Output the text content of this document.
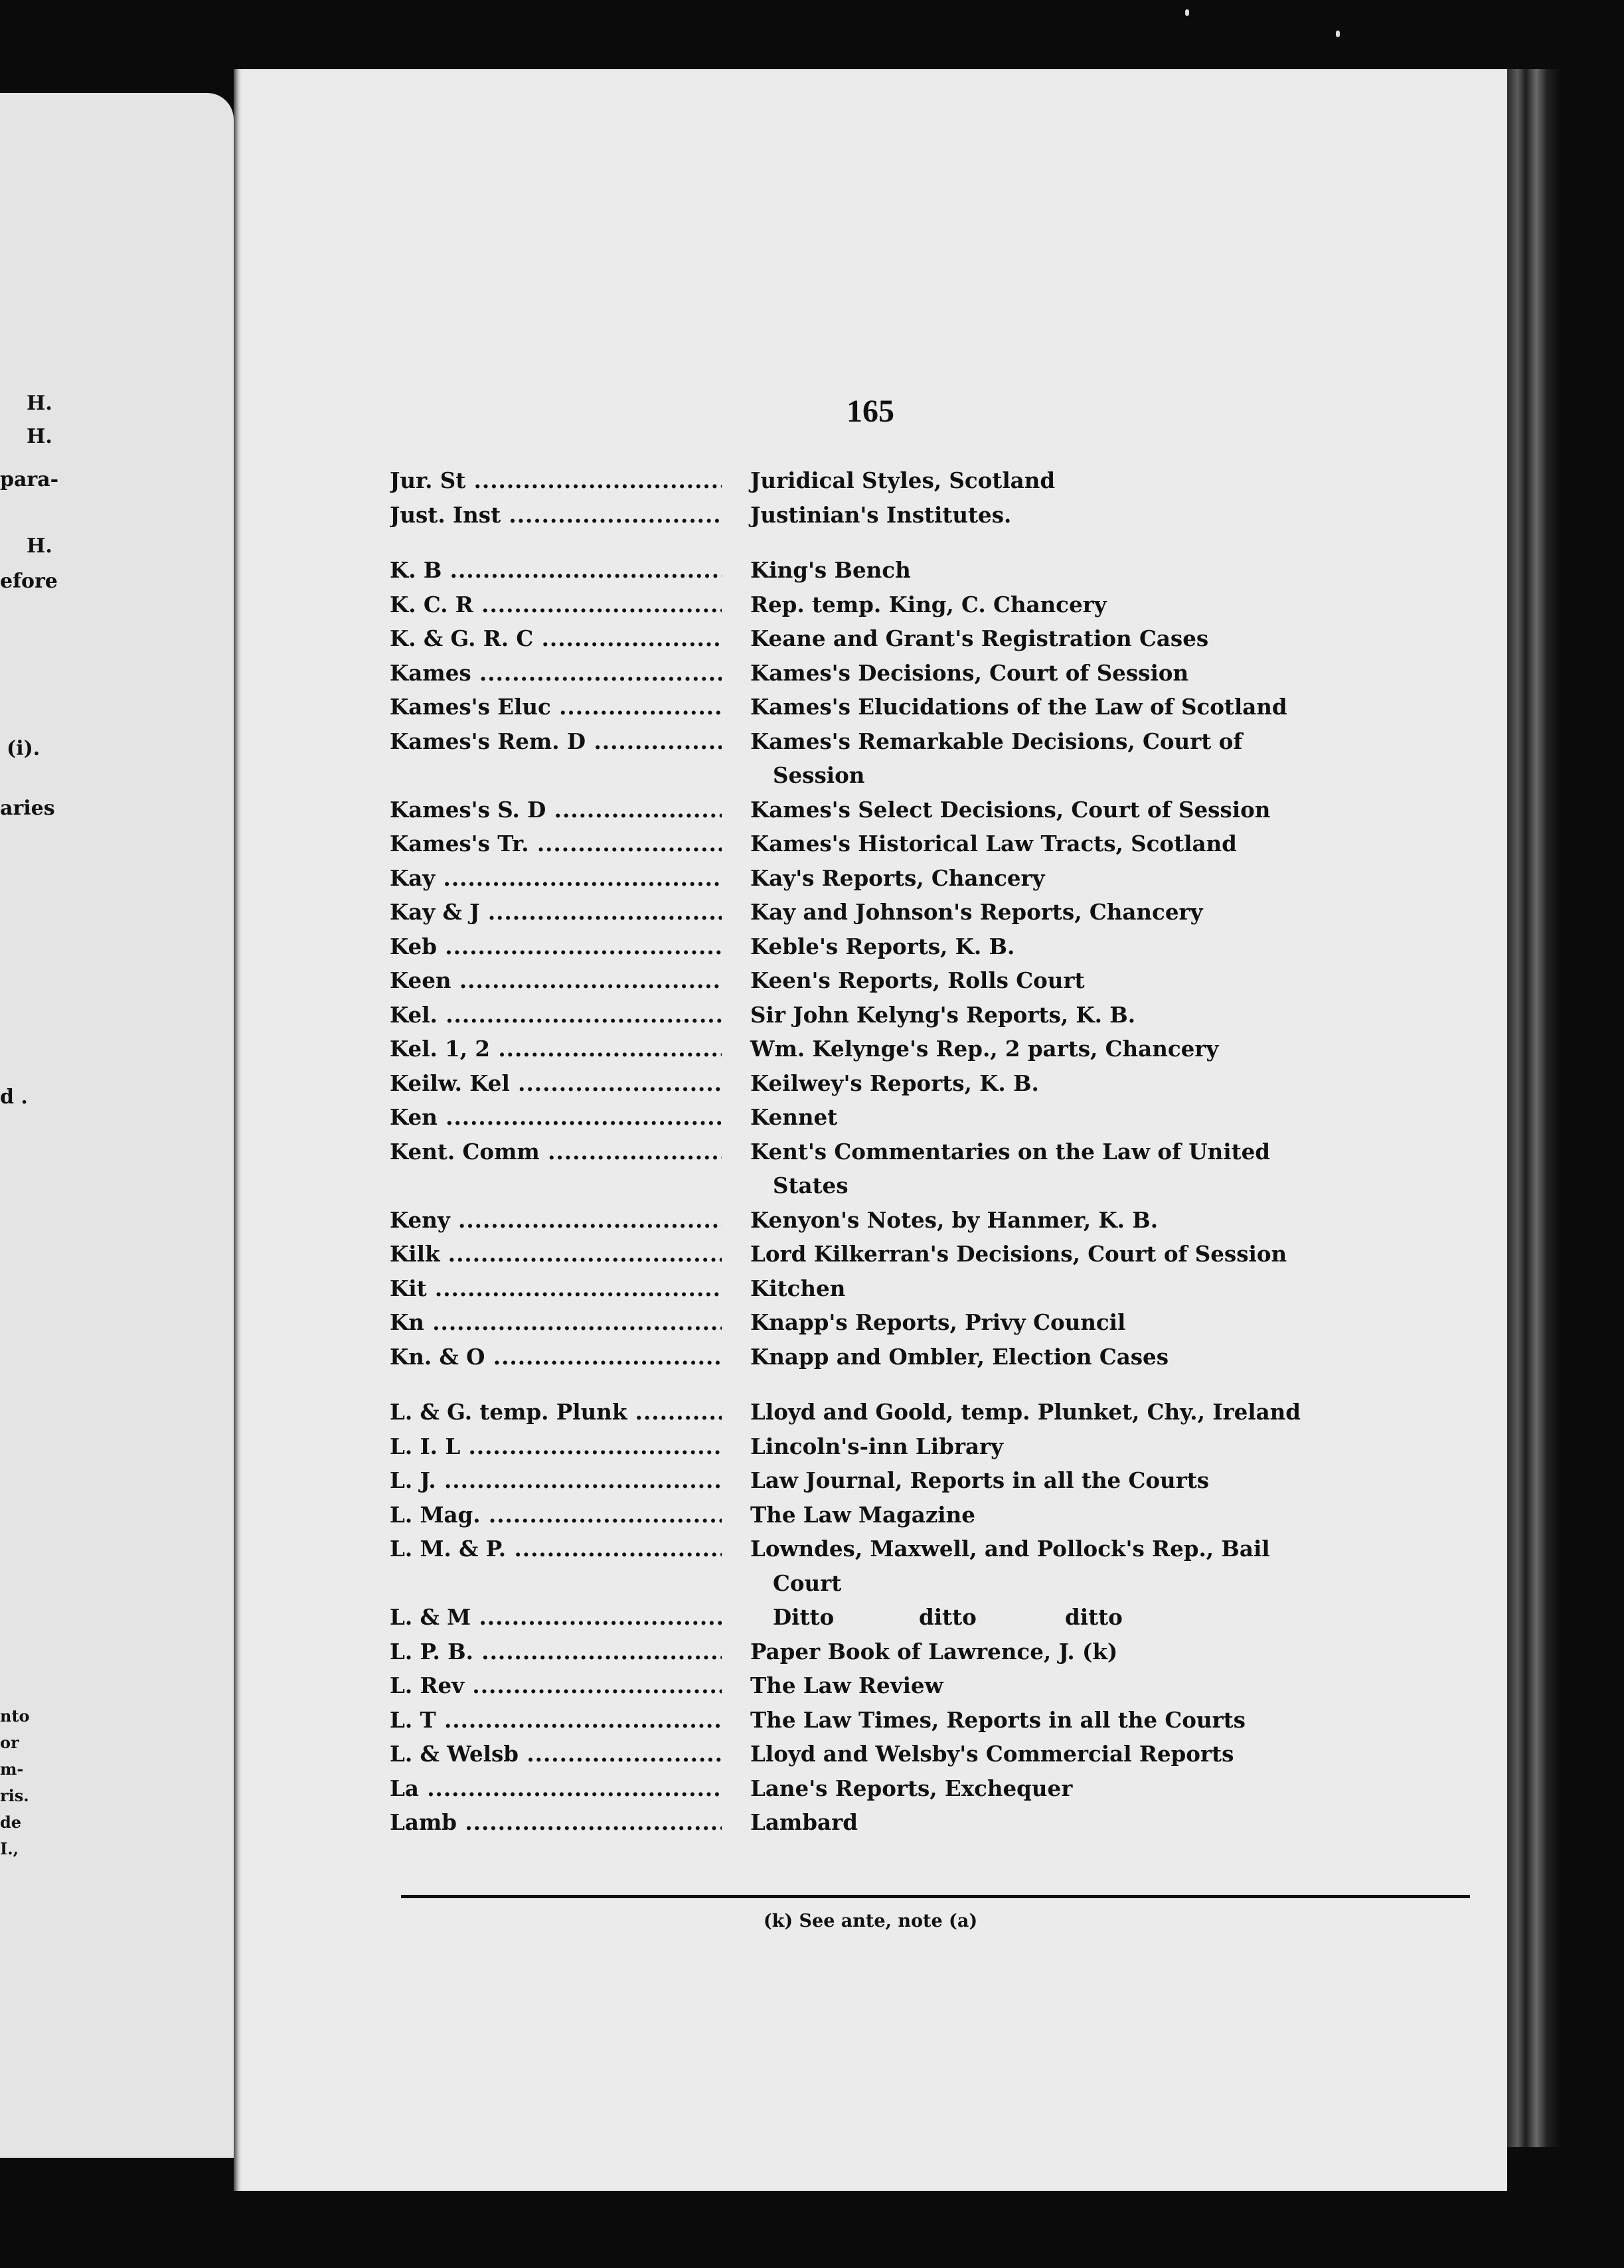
H.
H.
para-
H.
efore
(i).
aries
d .
nto
or
m-
ris.
de
I.,
165
Jur. St .....	Juridical Styles, Scotland
Just. Inst .....	Justinian's Institutes.
K. B .....	King's Bench
K. C. R .....	Rep. temp. King, C. Chancery
K. & G. R. C .....	Keane and Grant's Registration Cases
Kames .....	Kames's Decisions, Court of Session
Kames's Eluc .....	Kames's Elucidations of the Law of Scotland
Kames's Rem. D .....	Kames's Remarkable Decisions, Court of
Session
Kames's S. D .....	Kames's Select Decisions, Court of Session
Kames's Tr. .....	Kames's Historical Law Tracts, Scotland
Kay .....	Kay's Reports, Chancery
Kay & J .....	Kay and Johnson's Reports, Chancery
Keb .....	Keble's Reports, K. B.
Keen .....	Keen's Reports, Rolls Court
Kel. .....	Sir John Kelyng's Reports, K. B.
Kel. 1, 2 .....	Wm. Kelynge's Rep., 2 parts, Chancery
Keilw. Kel .....	Keilwey's Reports, K. B.
Ken .....	Kennet
Kent. Comm .....	Kent's Commentaries on the Law of United
States
Keny .....	Kenyon's Notes, by Hanmer, K. B.
Kilk .....	Lord Kilkerran's Decisions, Court of Session
Kit .....	Kitchen
Kn .....	Knapp's Reports, Privy Council
Kn. & O .....	Knapp and Ombler, Election Cases
L. & G. temp. Plunk .....	Lloyd and Goold, temp. Plunket, Chy., Ireland
L. I. L .....	Lincoln's-inn Library
L. J. .....	Law Journal, Reports in all the Courts
L. Mag. .....	The Law Magazine
L. M. & P. .....	Lowndes, Maxwell, and Pollock's Rep., Bail
Court
L. & M .....	Ditto	ditto	ditto
L. P. B. .....	Paper Book of Lawrence, J. (k)
L. Rev .....	The Law Review
L. T .....	The Law Times, Reports in all the Courts
L. & Welsb .....	Lloyd and Welsby's Commercial Reports
La .....	Lane's Reports, Exchequer
Lamb .....	Lambard
(k) See ante, note (a)
